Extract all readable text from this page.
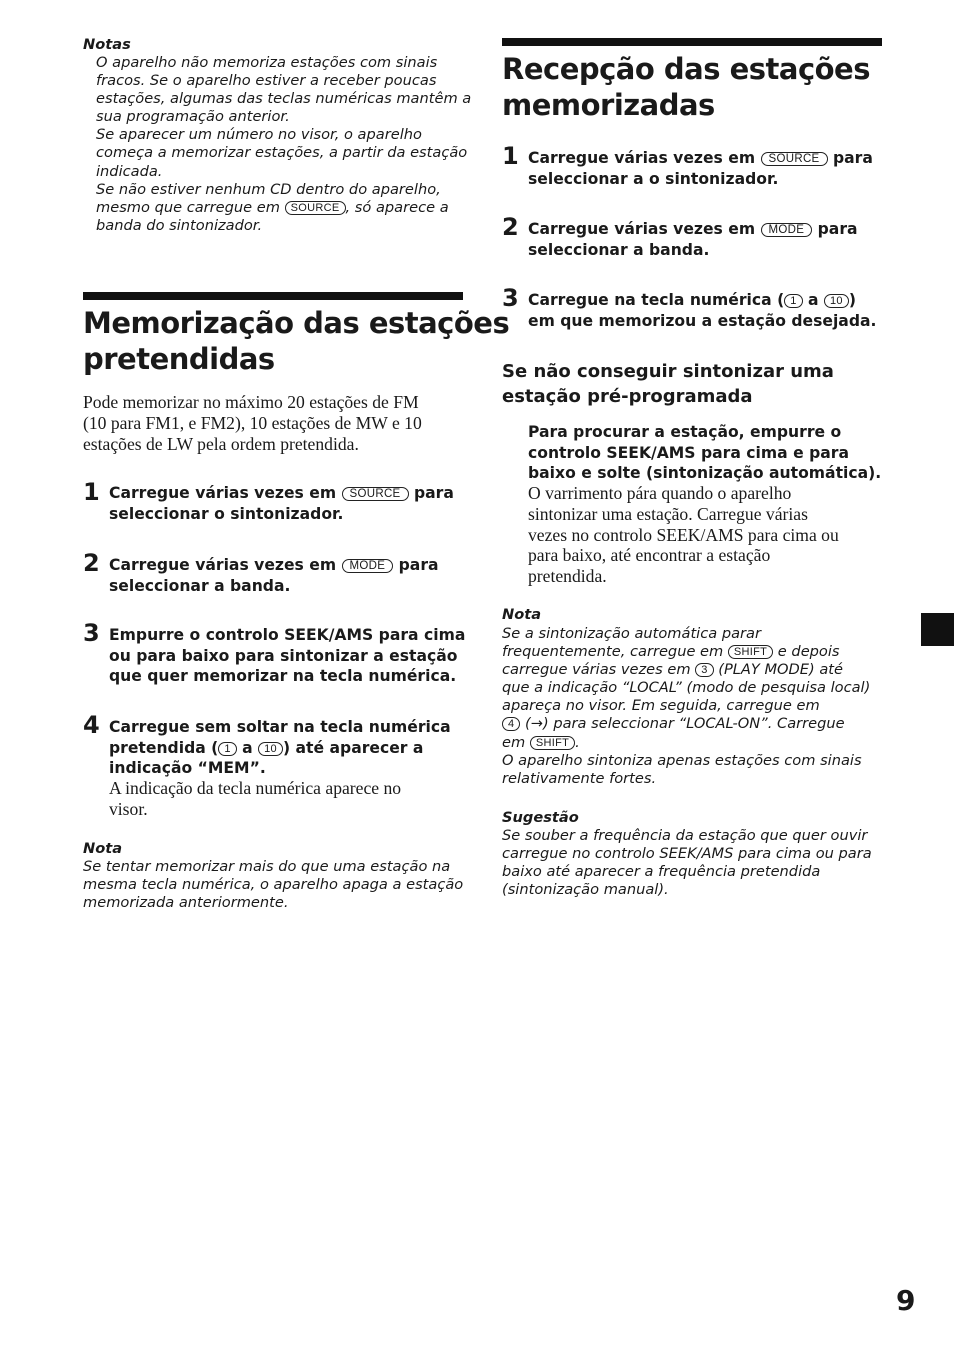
Notas
O aparelho não memoriza estações com sinais
fracos. Se o aparelho estiver a receber poucas
estações, algumas das teclas numéricas mantêm a
sua programação anterior.
Se aparecer um número no visor, o aparelho
começa a memorizar estações, a partir da estação
indicada.
Se não estiver nenhum CD dentro do aparelho,
mesmo que carregue em SOURCE , só aparece a
banda do sintonizador.
Memorização das estações
pretendidas
Pode memorizar no máximo 20 estações de FM
(10 para FM1, e FM2), 10 estações de MW e 10
estações de LW pela ordem pretendida.
1 Carregue várias vezes em SOURCE para
seleccionar o sintonizador.
2 Carregue várias vezes em MODE para
seleccionar a banda.
3 Empurre o controlo SEEK/AMS para cima
ou para baixo para sintonizar a estação
que quer memorizar na tecla numérica.
4 Carregue sem soltar na tecla numérica
pretendida ( 1 a 10 ) até aparecer a
indicação “MEM”.
A indicação da tecla numérica aparece no
visor.
Nota
Se tentar memorizar mais do que uma estação na
mesma tecla numérica, o aparelho apaga a estação
memorizada anteriormente.
Recepção das estações
memorizadas
1 Carregue várias vezes em SOURCE para
seleccionar a o sintonizador.
2 Carregue várias vezes em MODE para
seleccionar a banda.
3 Carregue na tecla numérica ( 1 a 10 )
em que memorizou a estação desejada.
Se não conseguir sintonizar uma
estação pré-programada
Para procurar a estação, empurre o
controlo SEEK/AMS para cima e para
baixo e solte (sintonização automática).
O varrimento pára quando o aparelho
sintonizar uma estação. Carregue várias
vezes no controlo SEEK/AMS para cima ou
para baixo, até encontrar a estação
pretendida.
Nota
Se a sintonização automática parar
frequentemente, carregue em SHIFT e depois
carregue várias vezes em 3 (PLAY MODE) até
que a indicação “LOCAL” (modo de pesquisa local)
apareça no visor. Em seguida, carregue em
4 (→) para seleccionar “LOCAL-ON”. Carregue
em SHIFT .
O aparelho sintoniza apenas estações com sinais
relativamente fortes.
Sugestão
Se souber a frequência da estação que quer ouvir
carregue no controlo SEEK/AMS para cima ou para
baixo até aparecer a frequência pretendida
(sintonização manual).
9
